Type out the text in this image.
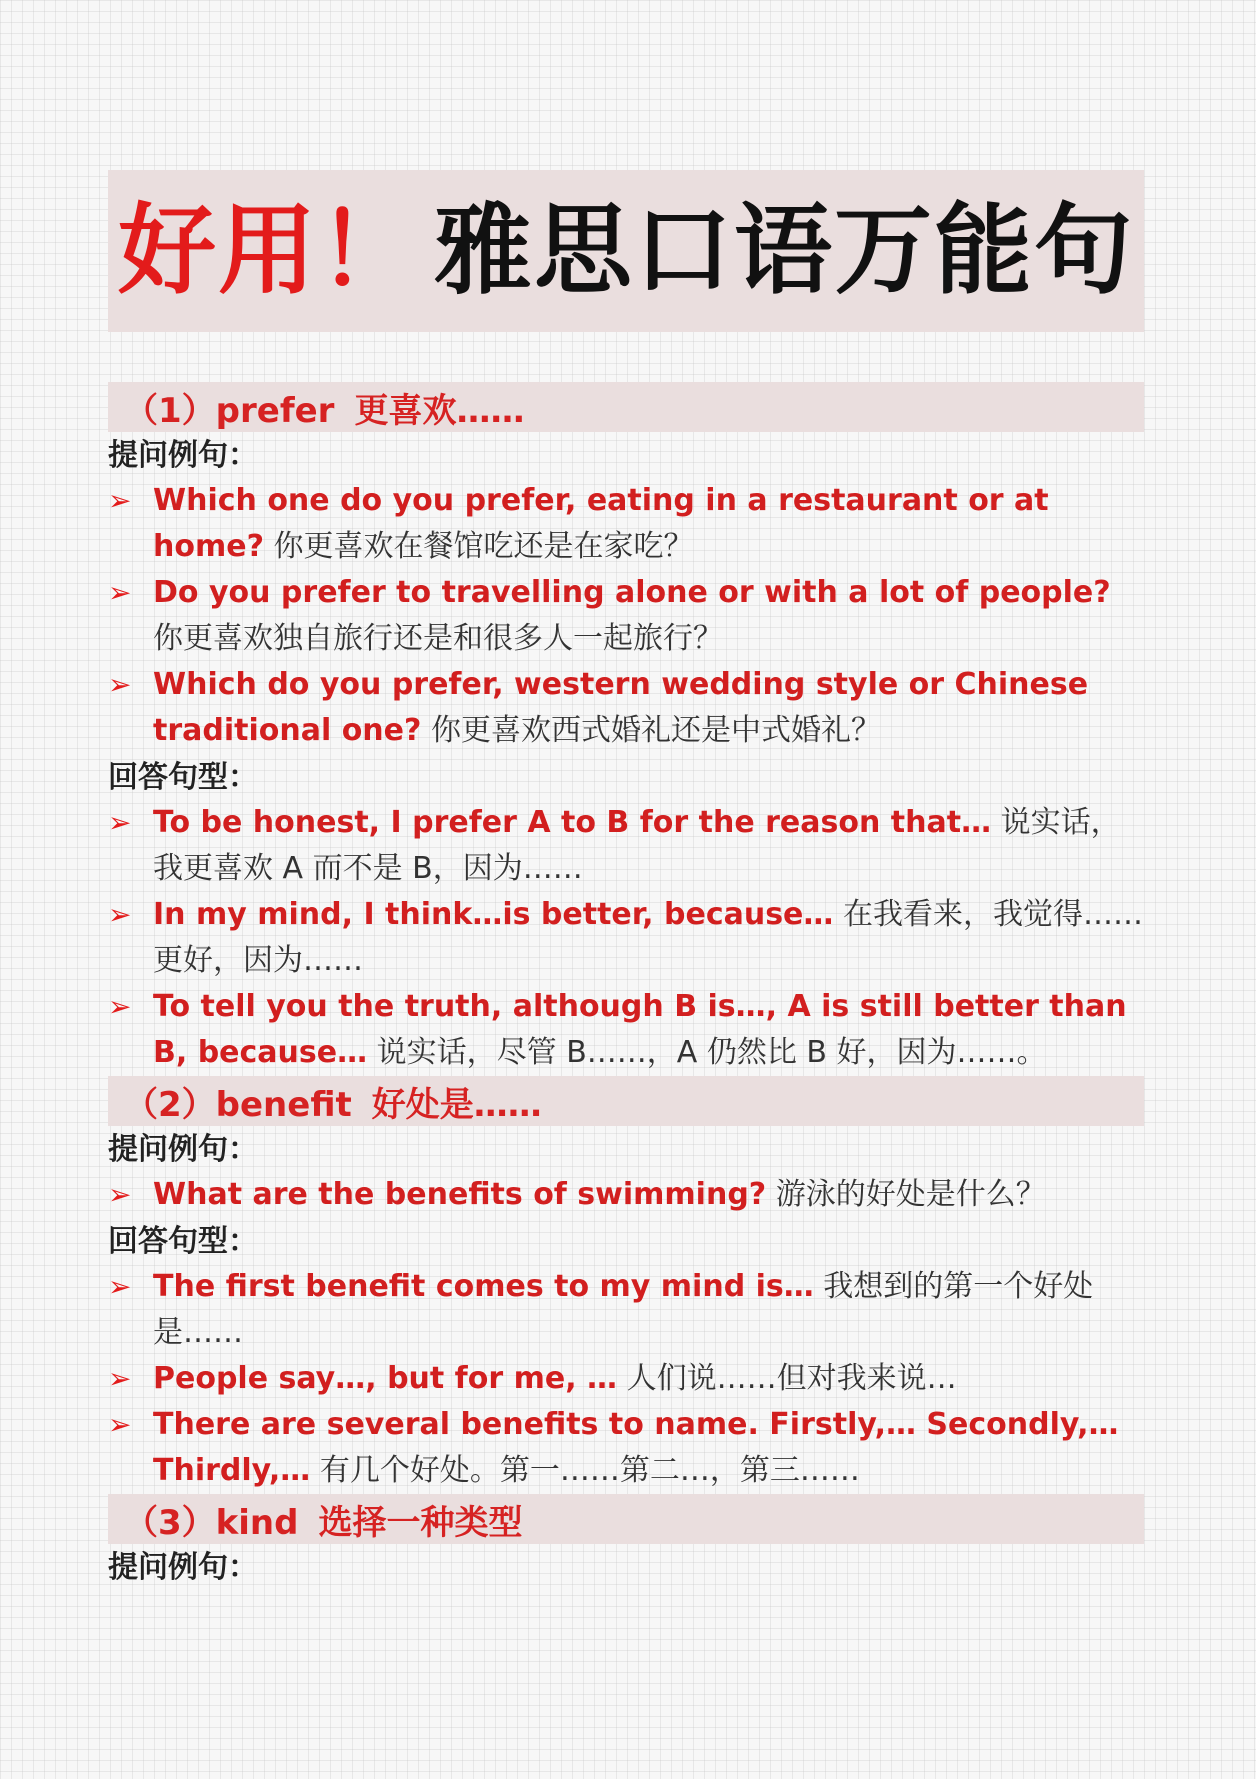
好用！ 雅思口语万能句
（1）prefer 更喜欢……
提问例句：
➢ Which one do you prefer, eating in a restaurant or at home? 你更喜欢在餐馆吃还是在家吃？
➢ Do you prefer to travelling alone or with a lot of people? 你更喜欢独自旅行还是和很多人一起旅行？
➢ Which do you prefer, western wedding style or Chinese traditional one? 你更喜欢西式婚礼还是中式婚礼？
回答句型：
➢ To be honest, I prefer A to B for the reason that… 说实话，我更喜欢 A 而不是 B，因为……
➢ In my mind, I think…is better, because… 在我看来，我觉得……更好，因为……
➢ To tell you the truth, although B is…, A is still better than B, because… 说实话，尽管 B……，A 仍然比 B 好，因为……。
（2）benefit 好处是……
提问例句：
➢ What are the benefits of swimming? 游泳的好处是什么？
回答句型：
➢ The first benefit comes to my mind is… 我想到的第一个好处是……
➢ People say…, but for me, … 人们说……但对我来说…
➢ There are several benefits to name. Firstly,… Secondly,… Thirdly,… 有几个好处。第一……第二…，第三……
（3）kind 选择一种类型
提问例句：
